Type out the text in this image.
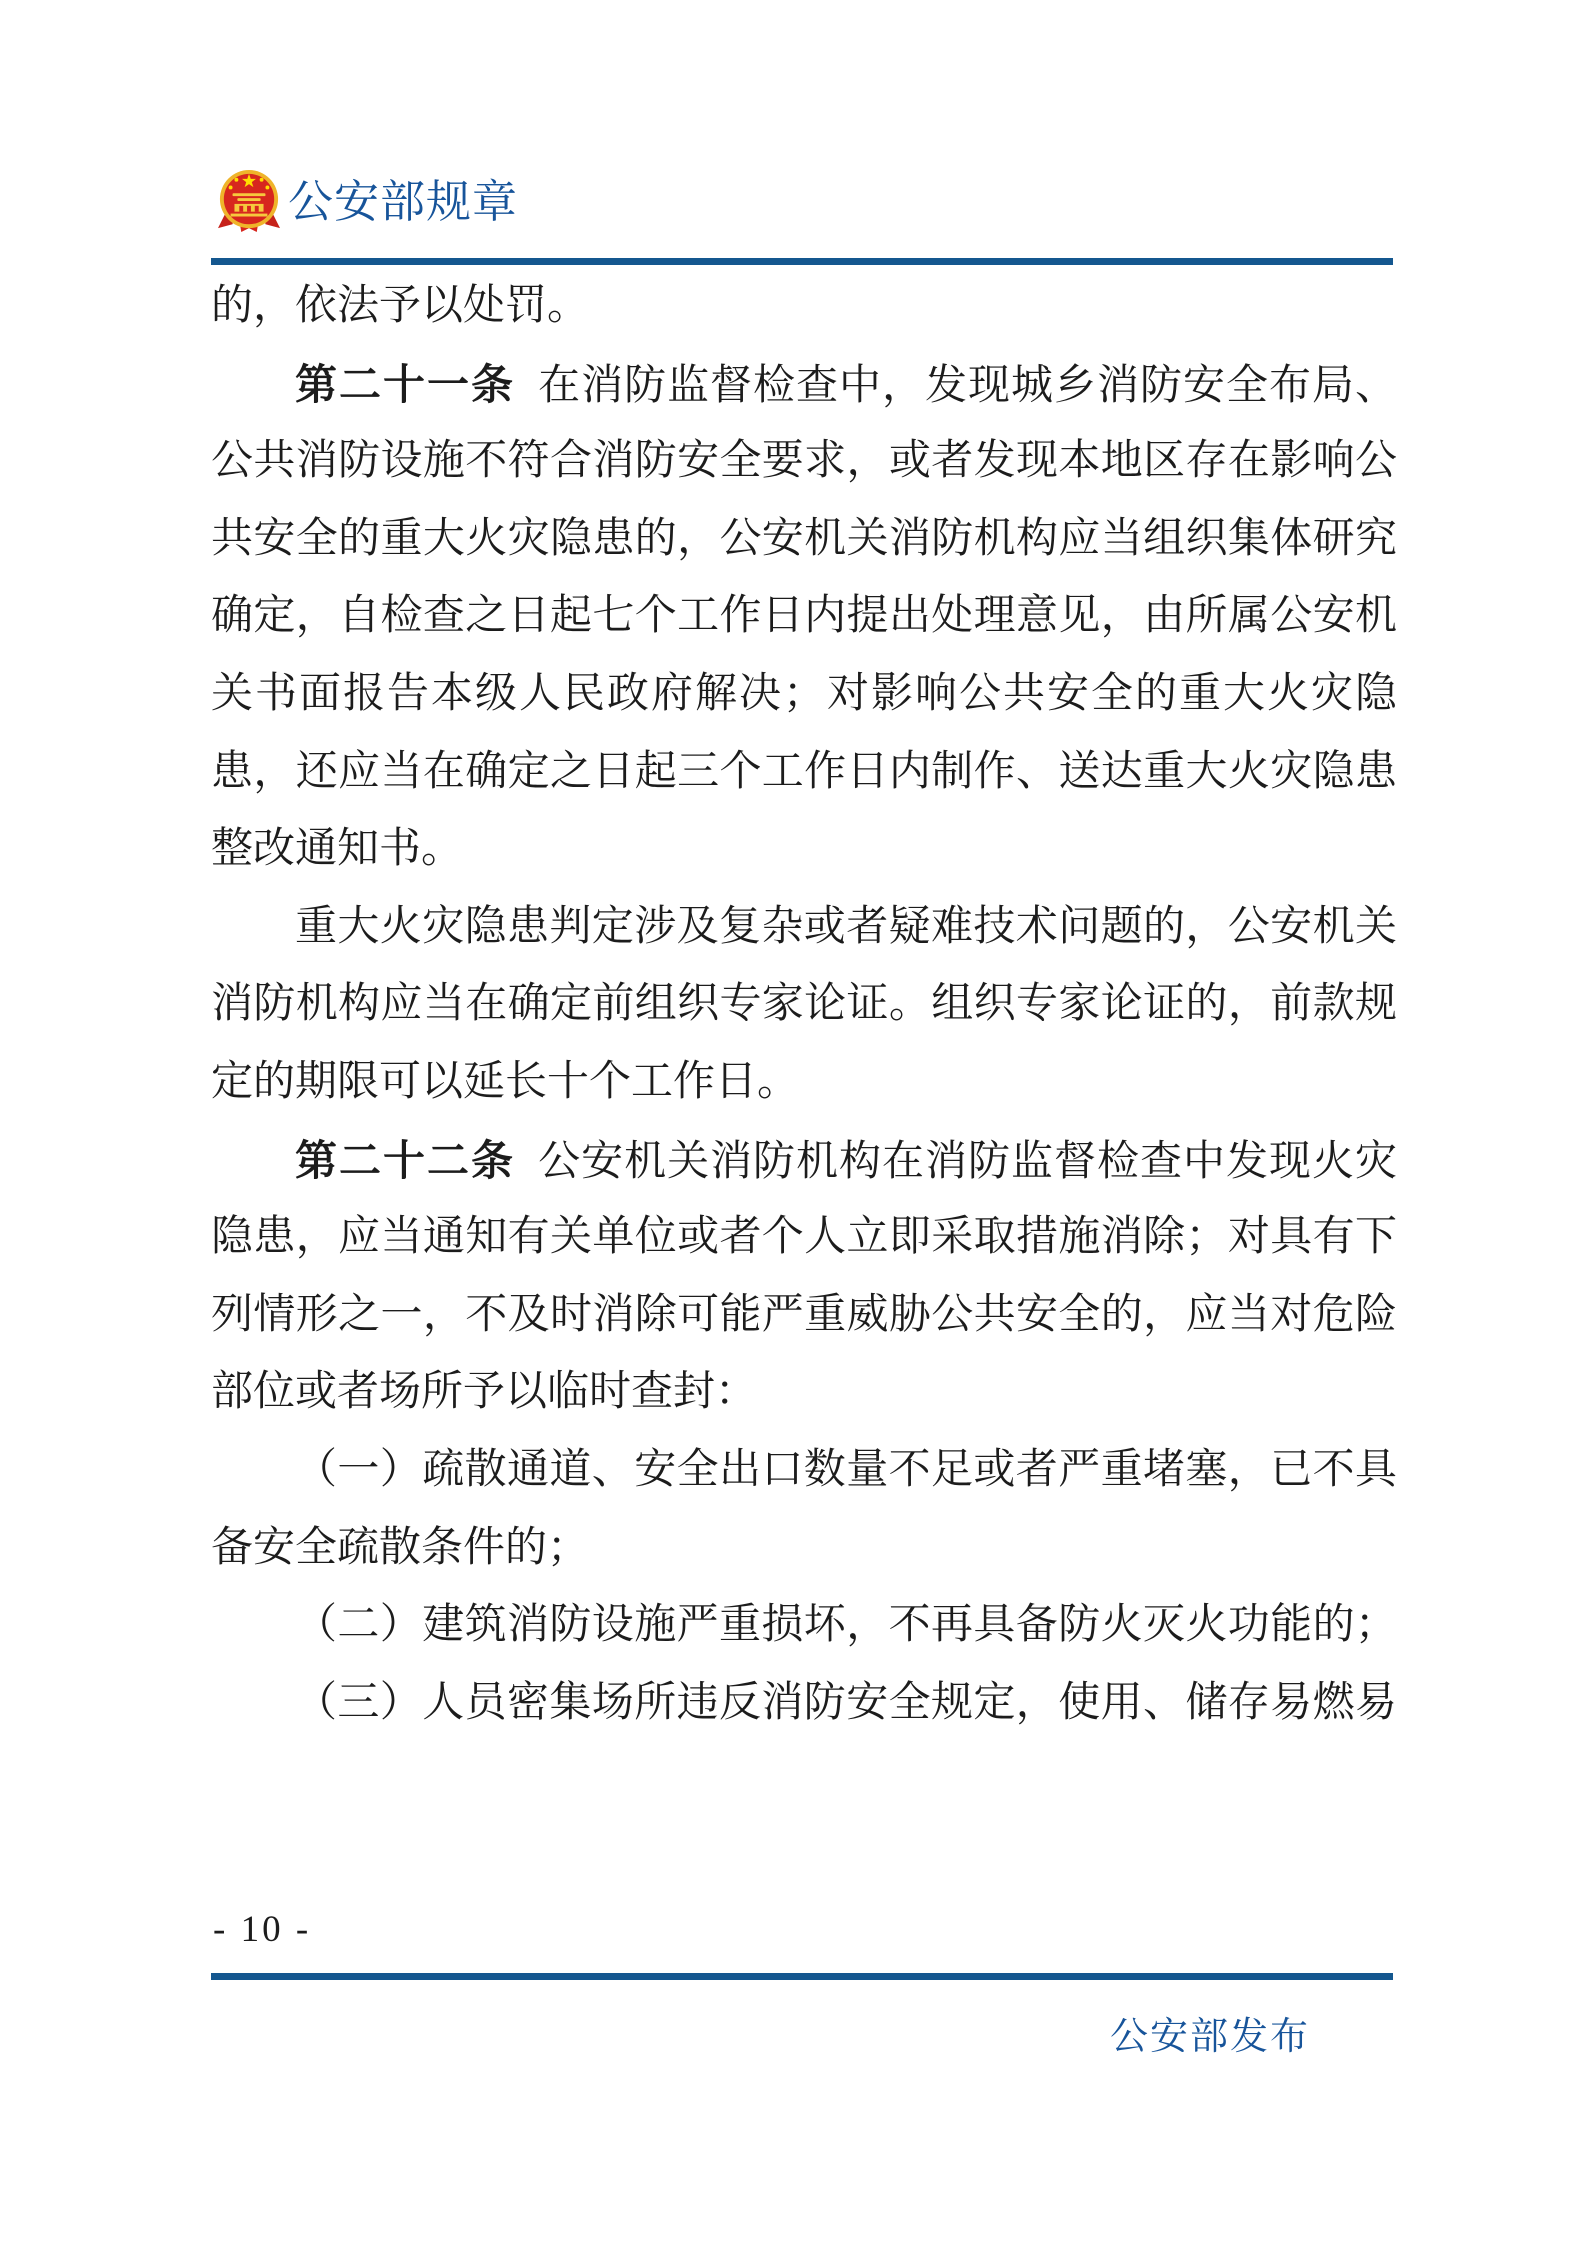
公安部规章
的，依法予以处罚。
第二十一条 在消防监督检查中，发现城乡消防安全布局、
公共消防设施不符合消防安全要求，或者发现本地区存在影响公
共安全的重大火灾隐患的，公安机关消防机构应当组织集体研究
确定，自检查之日起七个工作日内提出处理意见，由所属公安机
关书面报告本级人民政府解决；对影响公共安全的重大火灾隐
患，还应当在确定之日起三个工作日内制作、送达重大火灾隐患
整改通知书。
重大火灾隐患判定涉及复杂或者疑难技术问题的，公安机关
消防机构应当在确定前组织专家论证。组织专家论证的，前款规
定的期限可以延长十个工作日。
第二十二条 公安机关消防机构在消防监督检查中发现火灾
隐患，应当通知有关单位或者个人立即采取措施消除；对具有下
列情形之一，不及时消除可能严重威胁公共安全的，应当对危险
部位或者场所予以临时查封：
（一）疏散通道、安全出口数量不足或者严重堵塞，已不具
备安全疏散条件的；
（二）建筑消防设施严重损坏，不再具备防火灭火功能的；
（三）人员密集场所违反消防安全规定，使用、储存易燃易
- 10 -
公安部发布
